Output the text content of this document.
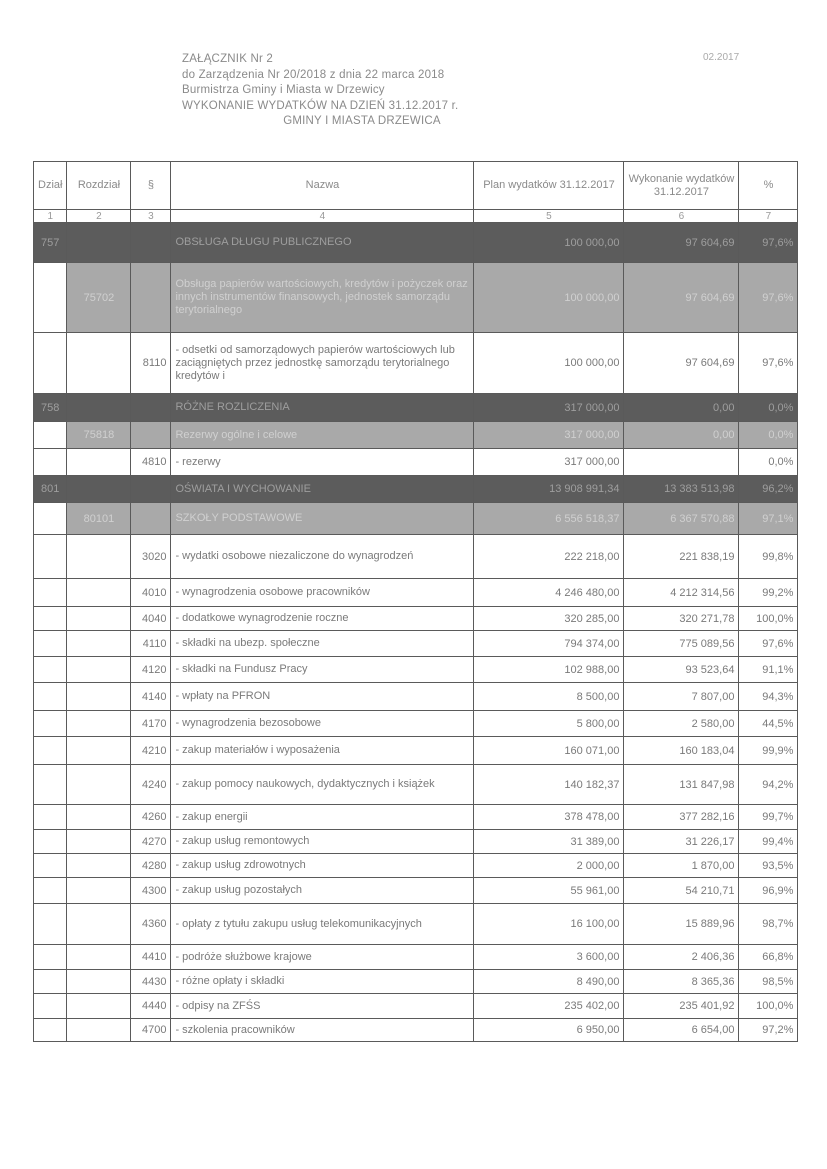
02.2017
ZAŁĄCZNIK Nr 2
do Zarządzenia Nr 20/2018 z dnia 22 marca 2018
Burmistrza Gminy i Miasta w Drzewicy
WYKONANIE WYDATKÓW NA DZIEŃ 31.12.2017 r.
GMINY I MIASTA DRZEWICA
Dział	Rozdział	§	Nazwa	Plan wydatków 31.12.2017	Wykonanie wydatków 31.12.2017	%
1	2	3	4	5	6	7
757			OBSŁUGA DŁUGU PUBLICZNEGO	100 000,00	97 604,69	97,6%
	75702		Obsługa papierów wartościowych, kredytów i pożyczek oraz innych instrumentów finansowych, jednostek samorządu terytorialnego	100 000,00	97 604,69	97,6%
		8110	- odsetki od samorządowych papierów wartościowych lub zaciągniętych przez jednostkę samorządu terytorialnego kredytów i	100 000,00	97 604,69	97,6%
758			RÓŻNE ROZLICZENIA	317 000,00	0,00	0,0%
	75818		Rezerwy ogólne i celowe	317 000,00	0,00	0,0%
		4810	- rezerwy	317 000,00		0,0%
801			OŚWIATA I WYCHOWANIE	13 908 991,34	13 383 513,98	96,2%
	80101		SZKOŁY PODSTAWOWE	6 556 518,37	6 367 570,88	97,1%
		3020	- wydatki osobowe niezaliczone do wynagrodzeń	222 218,00	221 838,19	99,8%
		4010	- wynagrodzenia osobowe pracowników	4 246 480,00	4 212 314,56	99,2%
		4040	- dodatkowe wynagrodzenie roczne	320 285,00	320 271,78	100,0%
		4110	- składki na ubezp. społeczne	794 374,00	775 089,56	97,6%
		4120	- składki na Fundusz Pracy	102 988,00	93 523,64	91,1%
		4140	- wpłaty na PFRON	8 500,00	7 807,00	94,3%
		4170	- wynagrodzenia bezosobowe	5 800,00	2 580,00	44,5%
		4210	- zakup materiałów i wyposażenia	160 071,00	160 183,04	99,9%
		4240	- zakup pomocy naukowych, dydaktycznych i książek	140 182,37	131 847,98	94,2%
		4260	- zakup energii	378 478,00	377 282,16	99,7%
		4270	- zakup usług remontowych	31 389,00	31 226,17	99,4%
		4280	- zakup usług zdrowotnych	2 000,00	1 870,00	93,5%
		4300	- zakup usług pozostałych	55 961,00	54 210,71	96,9%
		4360	- opłaty z tytułu zakupu usług telekomunikacyjnych	16 100,00	15 889,96	98,7%
		4410	- podróże służbowe krajowe	3 600,00	2 406,36	66,8%
		4430	- różne opłaty i składki	8 490,00	8 365,36	98,5%
		4440	- odpisy na ZFŚS	235 402,00	235 401,92	100,0%
		4700	- szkolenia pracowników	6 950,00	6 654,00	97,2%
